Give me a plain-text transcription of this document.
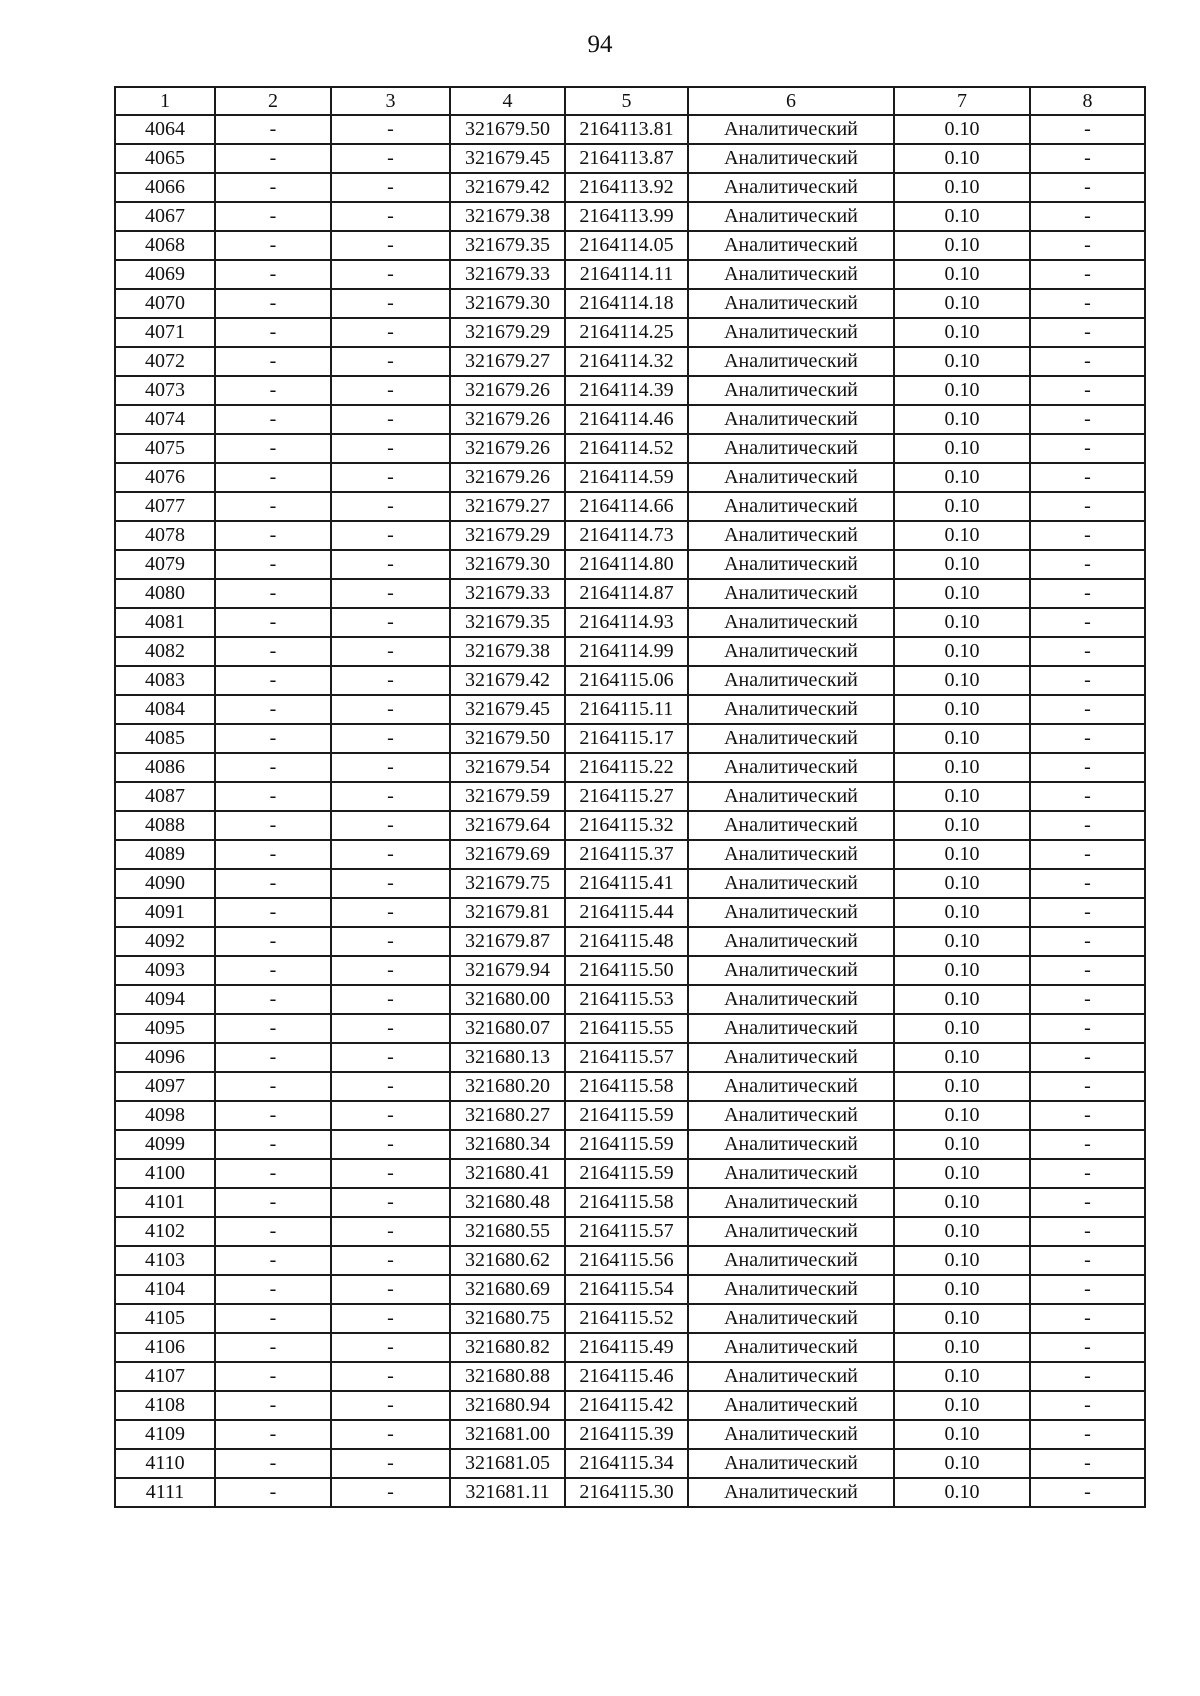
94
1	2	3	4	5	6	7	8
4064	-	-	321679.50	2164113.81	Аналитический	0.10	-
4065	-	-	321679.45	2164113.87	Аналитический	0.10	-
4066	-	-	321679.42	2164113.92	Аналитический	0.10	-
4067	-	-	321679.38	2164113.99	Аналитический	0.10	-
4068	-	-	321679.35	2164114.05	Аналитический	0.10	-
4069	-	-	321679.33	2164114.11	Аналитический	0.10	-
4070	-	-	321679.30	2164114.18	Аналитический	0.10	-
4071	-	-	321679.29	2164114.25	Аналитический	0.10	-
4072	-	-	321679.27	2164114.32	Аналитический	0.10	-
4073	-	-	321679.26	2164114.39	Аналитический	0.10	-
4074	-	-	321679.26	2164114.46	Аналитический	0.10	-
4075	-	-	321679.26	2164114.52	Аналитический	0.10	-
4076	-	-	321679.26	2164114.59	Аналитический	0.10	-
4077	-	-	321679.27	2164114.66	Аналитический	0.10	-
4078	-	-	321679.29	2164114.73	Аналитический	0.10	-
4079	-	-	321679.30	2164114.80	Аналитический	0.10	-
4080	-	-	321679.33	2164114.87	Аналитический	0.10	-
4081	-	-	321679.35	2164114.93	Аналитический	0.10	-
4082	-	-	321679.38	2164114.99	Аналитический	0.10	-
4083	-	-	321679.42	2164115.06	Аналитический	0.10	-
4084	-	-	321679.45	2164115.11	Аналитический	0.10	-
4085	-	-	321679.50	2164115.17	Аналитический	0.10	-
4086	-	-	321679.54	2164115.22	Аналитический	0.10	-
4087	-	-	321679.59	2164115.27	Аналитический	0.10	-
4088	-	-	321679.64	2164115.32	Аналитический	0.10	-
4089	-	-	321679.69	2164115.37	Аналитический	0.10	-
4090	-	-	321679.75	2164115.41	Аналитический	0.10	-
4091	-	-	321679.81	2164115.44	Аналитический	0.10	-
4092	-	-	321679.87	2164115.48	Аналитический	0.10	-
4093	-	-	321679.94	2164115.50	Аналитический	0.10	-
4094	-	-	321680.00	2164115.53	Аналитический	0.10	-
4095	-	-	321680.07	2164115.55	Аналитический	0.10	-
4096	-	-	321680.13	2164115.57	Аналитический	0.10	-
4097	-	-	321680.20	2164115.58	Аналитический	0.10	-
4098	-	-	321680.27	2164115.59	Аналитический	0.10	-
4099	-	-	321680.34	2164115.59	Аналитический	0.10	-
4100	-	-	321680.41	2164115.59	Аналитический	0.10	-
4101	-	-	321680.48	2164115.58	Аналитический	0.10	-
4102	-	-	321680.55	2164115.57	Аналитический	0.10	-
4103	-	-	321680.62	2164115.56	Аналитический	0.10	-
4104	-	-	321680.69	2164115.54	Аналитический	0.10	-
4105	-	-	321680.75	2164115.52	Аналитический	0.10	-
4106	-	-	321680.82	2164115.49	Аналитический	0.10	-
4107	-	-	321680.88	2164115.46	Аналитический	0.10	-
4108	-	-	321680.94	2164115.42	Аналитический	0.10	-
4109	-	-	321681.00	2164115.39	Аналитический	0.10	-
4110	-	-	321681.05	2164115.34	Аналитический	0.10	-
4111	-	-	321681.11	2164115.30	Аналитический	0.10	-
